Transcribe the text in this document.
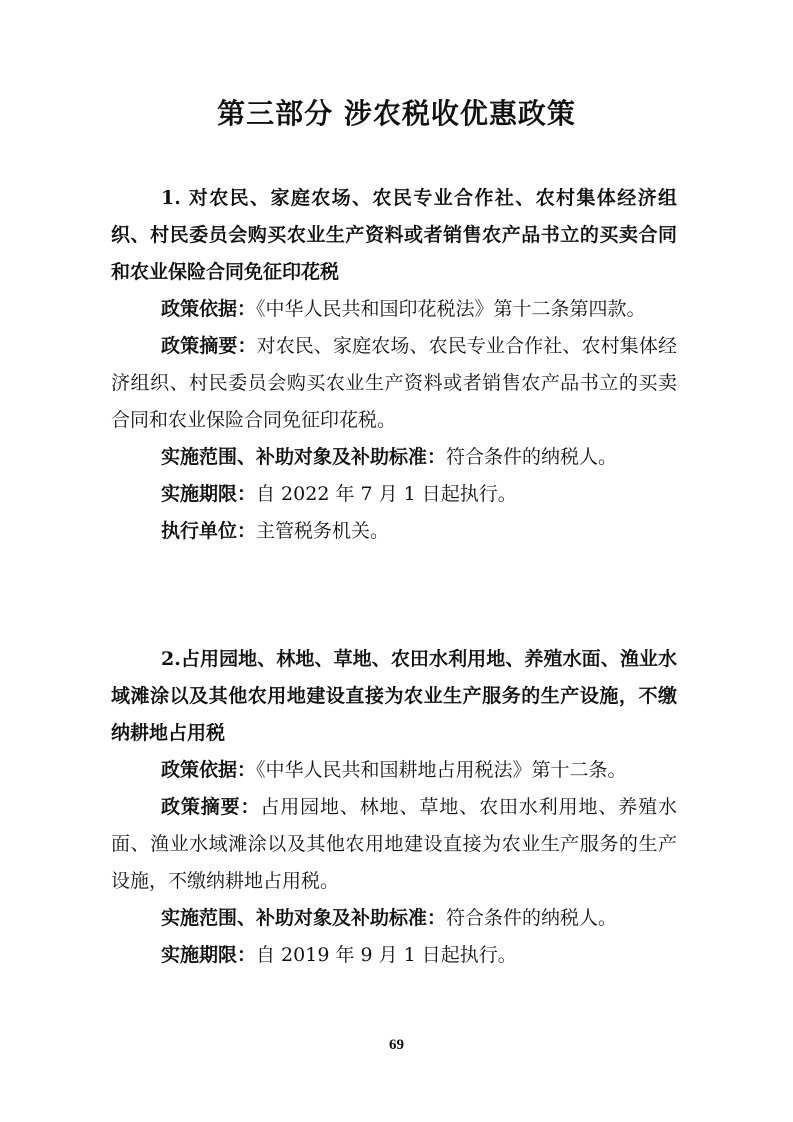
第三部分 涉农税收优惠政策

1. 对农民、家庭农场、农民专业合作社、农村集体经济组织、村民委员会购买农业生产资料或者销售农产品书立的买卖合同和农业保险合同免征印花税

政策依据：《中华人民共和国印花税法》第十二条第四款。

政策摘要：对农民、家庭农场、农民专业合作社、农村集体经济组织、村民委员会购买农业生产资料或者销售农产品书立的买卖合同和农业保险合同免征印花税。

实施范围、补助对象及补助标准：符合条件的纳税人。

实施期限：自 2022 年 7 月 1 日起执行。

执行单位：主管税务机关。

2.占用园地、林地、草地、农田水利用地、养殖水面、渔业水域滩涂以及其他农用地建设直接为农业生产服务的生产设施，不缴纳耕地占用税

政策依据：《中华人民共和国耕地占用税法》第十二条。

政策摘要：占用园地、林地、草地、农田水利用地、养殖水面、渔业水域滩涂以及其他农用地建设直接为农业生产服务的生产设施，不缴纳耕地占用税。

实施范围、补助对象及补助标准：符合条件的纳税人。

实施期限：自 2019 年 9 月 1 日起执行。

69
